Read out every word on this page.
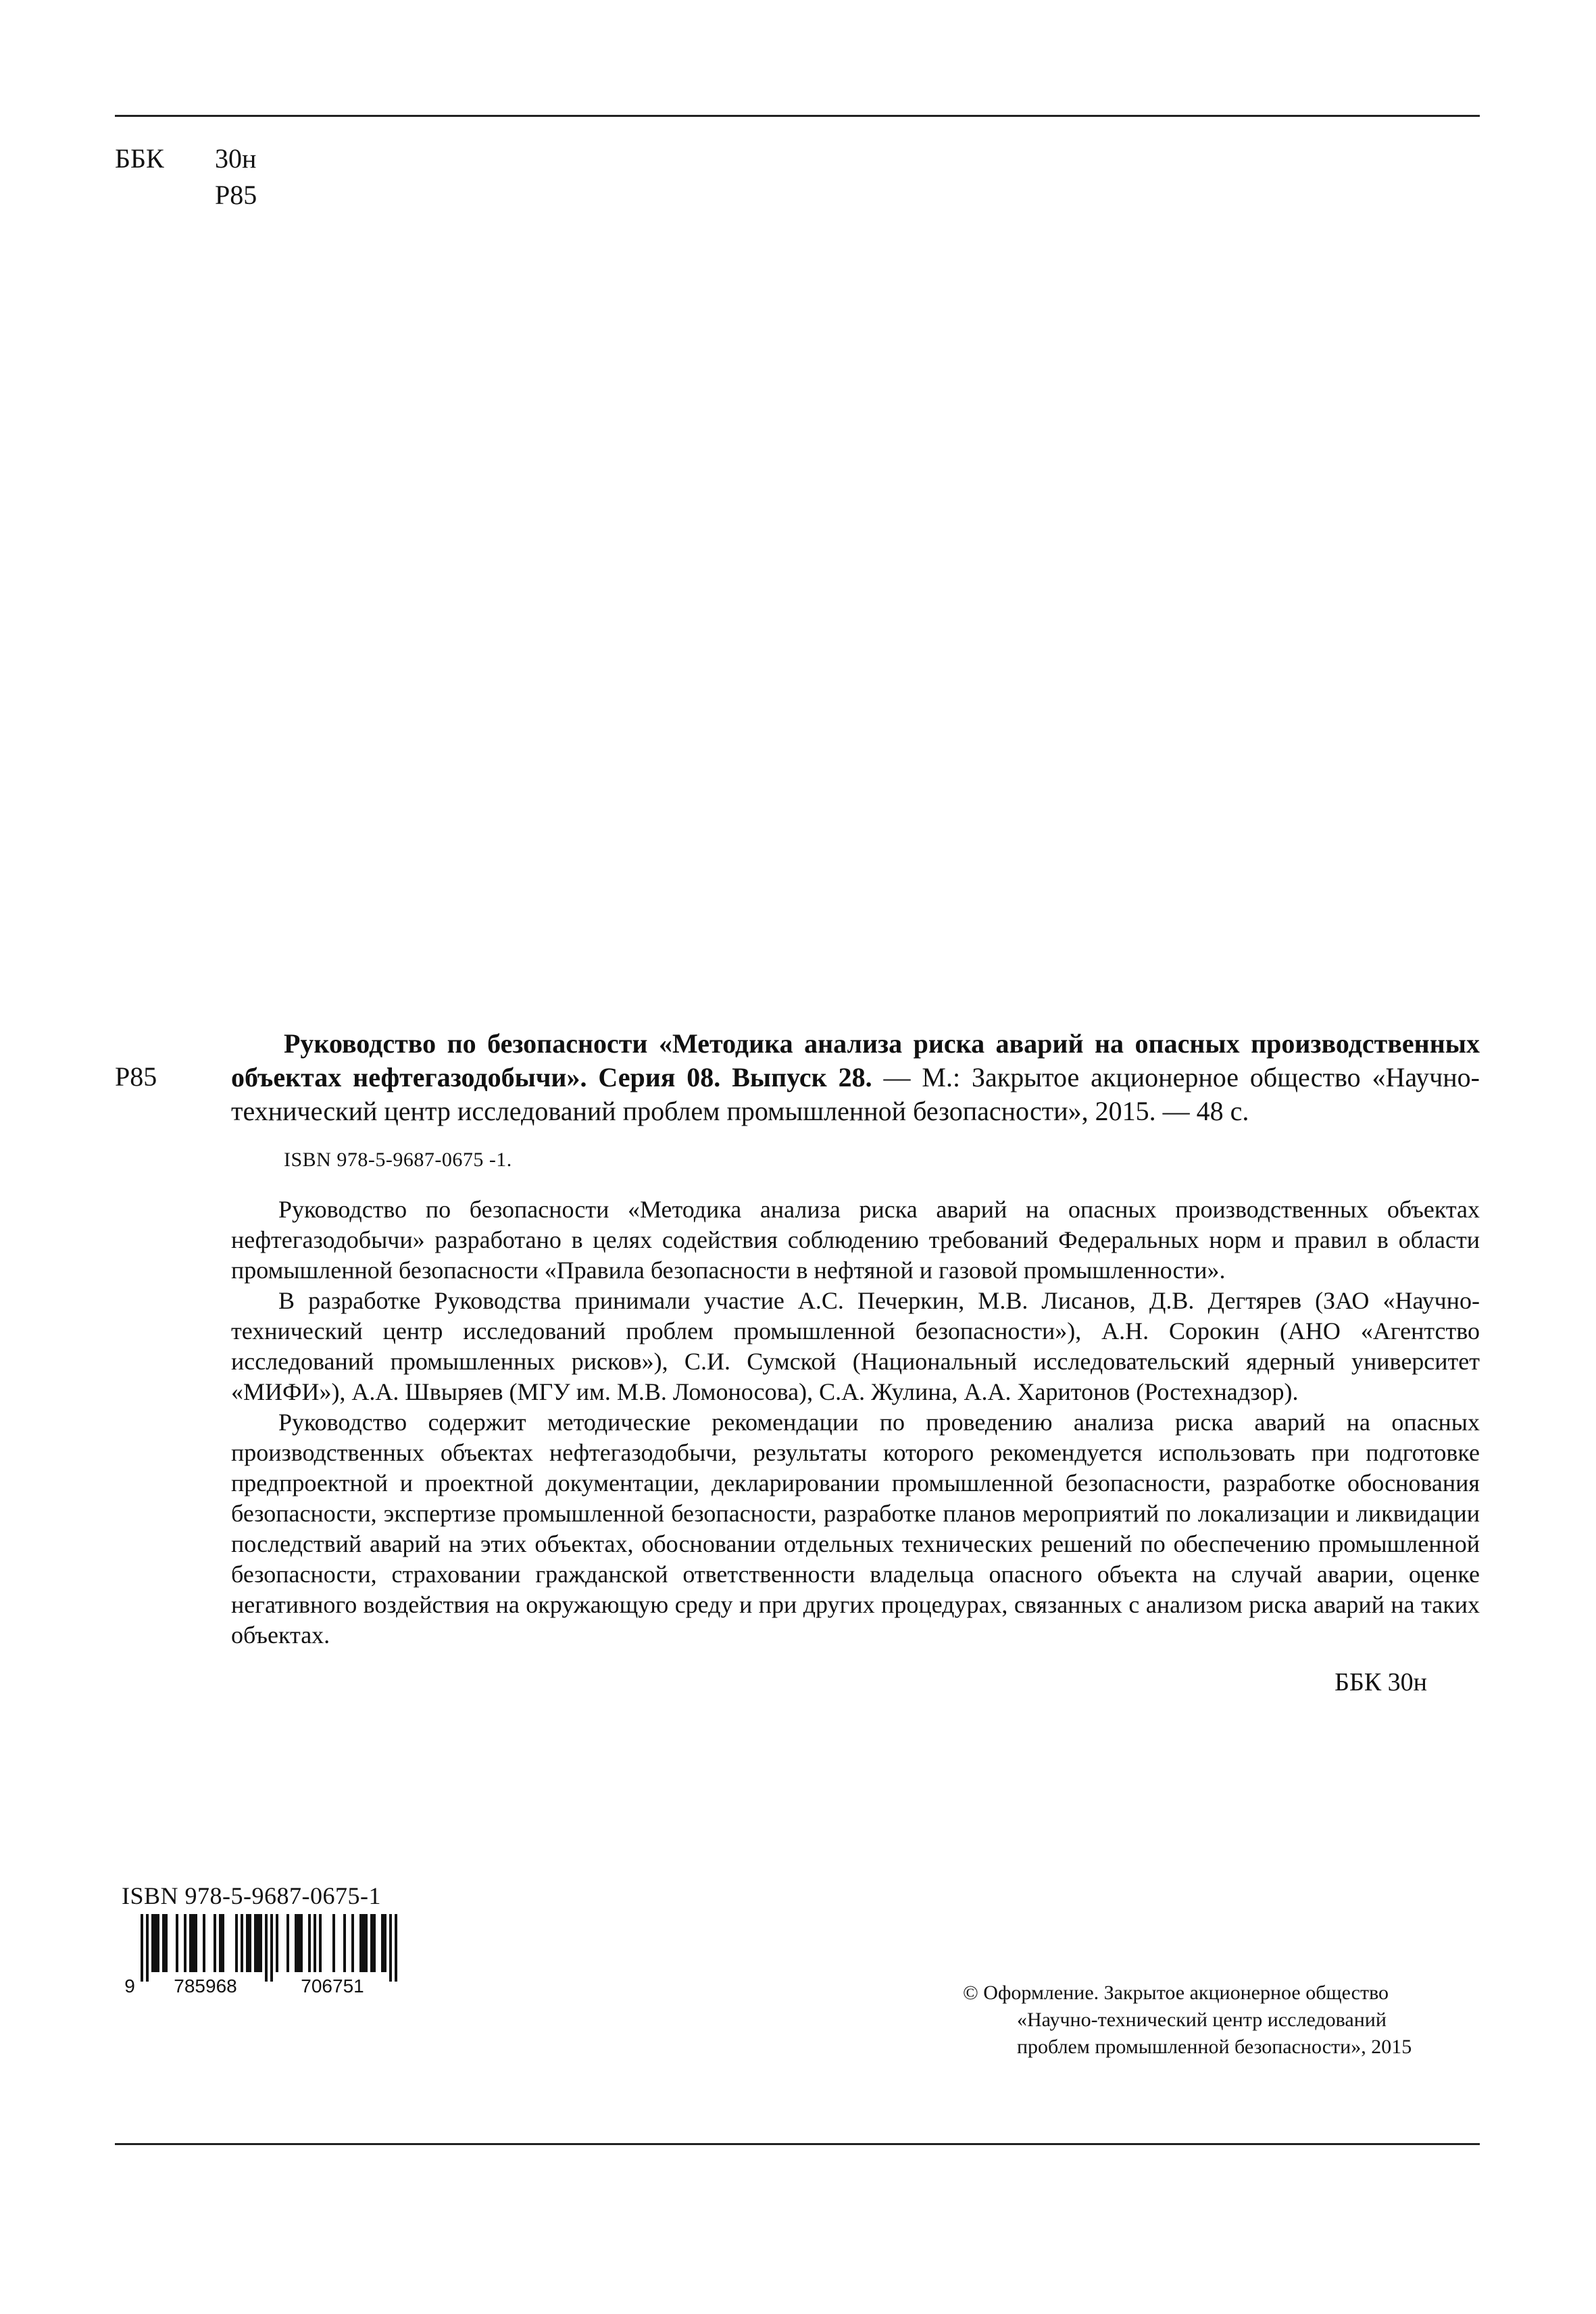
ББК	30н
Р85
Р85

Руководство по безопасности «Методика анализа риска аварий на опасных производственных объектах нефтегазодобычи». Серия 08. Выпуск 28. — М.: Закрытое акционерное общество «Научно-технический центр исследований проблем промышленной безопасности», 2015. — 48 с.

ISBN 978-5-9687-0675 -1.

Руководство по безопасности «Методика анализа риска аварий на опасных производственных объектах нефтегазодобычи» разработано в целях содействия соблюдению требований Федеральных норм и правил в области промышленной безопасности «Правила безопасности в нефтяной и газовой промышленности».

В разработке Руководства принимали участие А.С. Печеркин, М.В. Лисанов, Д.В. Дегтярев (ЗАО «Научно-технический центр исследований проблем промышленной безопасности»), А.Н. Сорокин (АНО «Агентство исследований промышленных рисков»), С.И. Сумской (Национальный исследовательский ядерный университет «МИФИ»), А.А. Швыряев (МГУ им. М.В. Ломоносова), С.А. Жулина, А.А. Харитонов (Ростехнадзор).

Руководство содержит методические рекомендации по проведению анализа риска аварий на опасных производственных объектах нефтегазодобычи, результаты которого рекомендуется использовать при подготовке предпроектной и проектной документации, декларировании промышленной безопасности, разработке обоснования безопасности, экспертизе промышленной безопасности, разработке планов мероприятий по локализации и ликвидации последствий аварий на этих объектах, обосновании отдельных технических решений по обеспечению промышленной безопасности, страховании гражданской ответственности владельца опасного объекта на случай аварии, оценке негативного воздействия на окружающую среду и при других процедурах, связанных с анализом риска аварий на таких объектах.

ББК 30н
ISBN 978-5-9687-0675-1
9 785968	706751	© Оформление. Закрытое акционерное общество
«Научно-технический центр исследований
проблем промышленной безопасности», 2015
